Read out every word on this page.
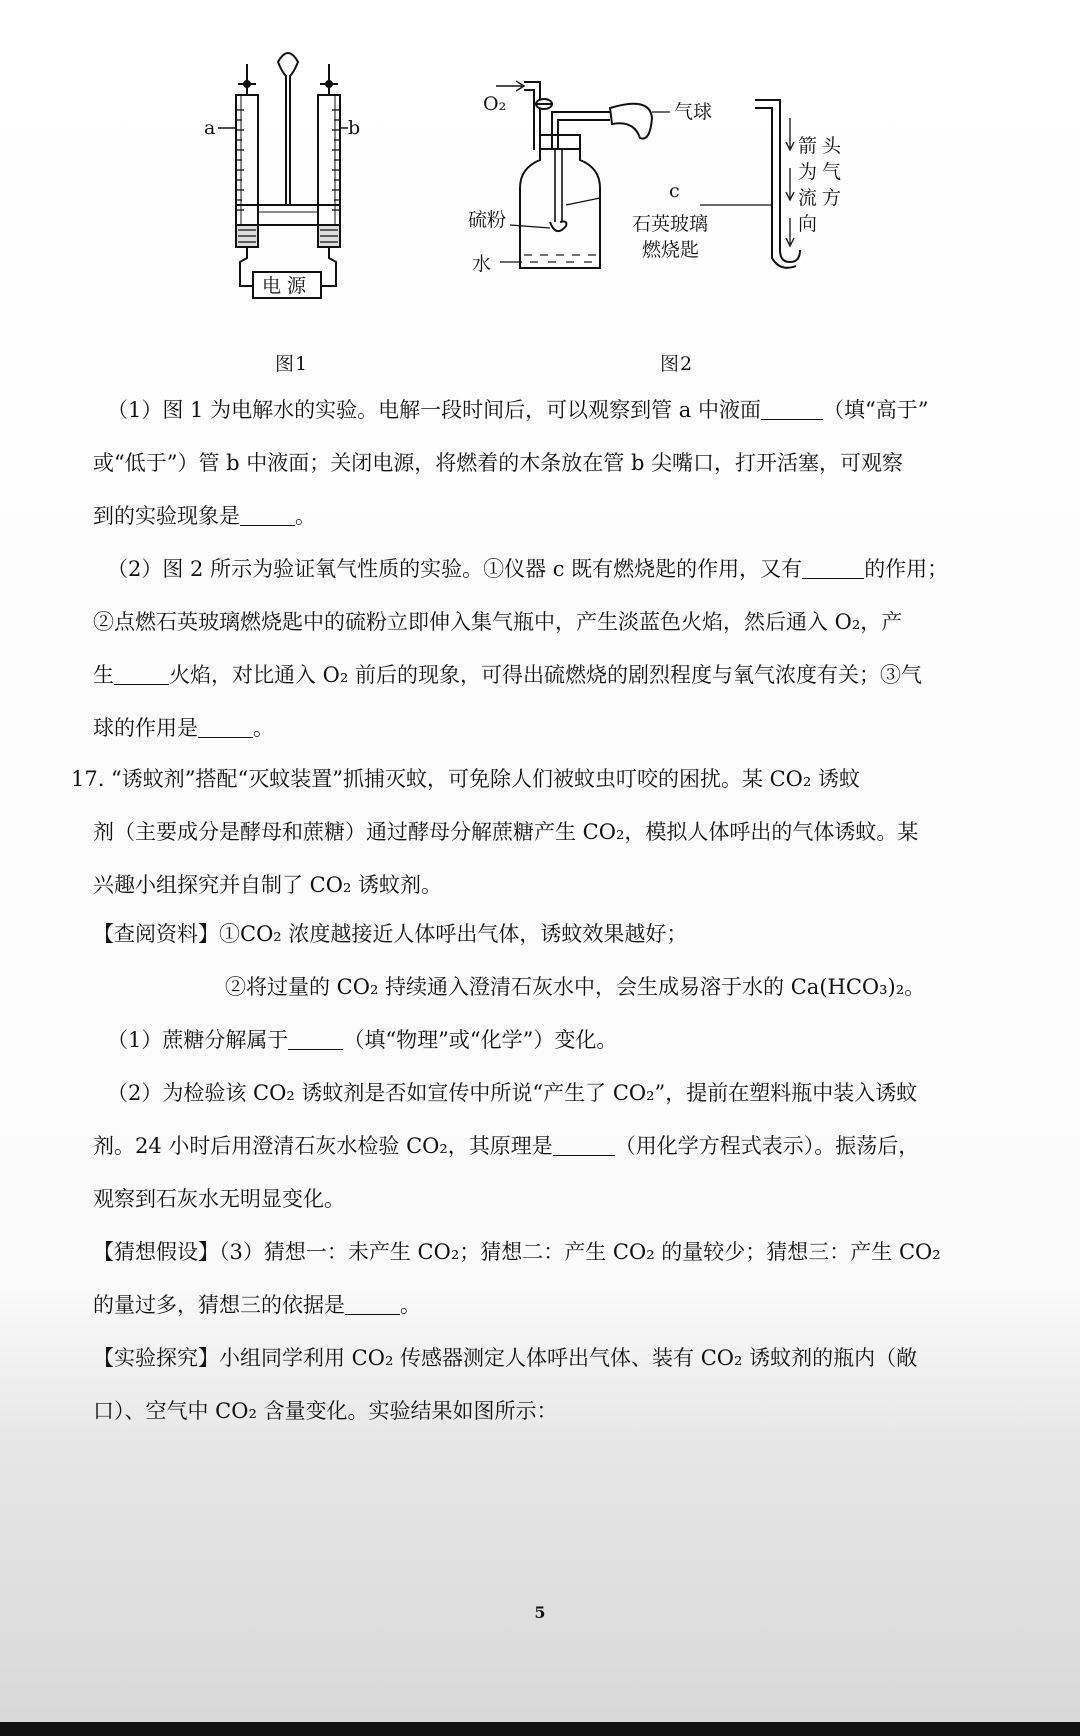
a	b
电 源
O₂	气球
c
硫粉
水
石英玻璃
燃烧匙
箭 头
为 气
流 方
向
图1	图2
（1）图 1 为电解水的实验。电解一段时间后，可以观察到管 a 中液面	（填“高于”
或“低于”）管 b 中液面；关闭电源，将燃着的木条放在管 b 尖嘴口，打开活塞，可观察
到的实验现象是	。
（2）图 2 所示为验证氧气性质的实验。①仪器 c 既有燃烧匙的作用，又有	的作用；
②点燃石英玻璃燃烧匙中的硫粉立即伸入集气瓶中，产生淡蓝色火焰，然后通入 O₂，产
生	火焰，对比通入 O₂ 前后的现象，可得出硫燃烧的剧烈程度与氧气浓度有关；③气
球的作用是	。
17. “诱蚊剂”搭配“灭蚊装置”抓捕灭蚊，可免除人们被蚊虫叮咬的困扰。某 CO₂ 诱蚊
剂（主要成分是酵母和蔗糖）通过酵母分解蔗糖产生 CO₂，模拟人体呼出的气体诱蚊。某
兴趣小组探究并自制了 CO₂ 诱蚊剂。
【查阅资料】①CO₂ 浓度越接近人体呼出气体，诱蚊效果越好；
②将过量的 CO₂ 持续通入澄清石灰水中，会生成易溶于水的 Ca(HCO₃)₂。
（1）蔗糖分解属于	（填“物理”或“化学”）变化。
（2）为检验该 CO₂ 诱蚊剂是否如宣传中所说“产生了 CO₂”，提前在塑料瓶中装入诱蚊
剂。24 小时后用澄清石灰水检验 CO₂，其原理是	（用化学方程式表示）。振荡后，
观察到石灰水无明显变化。
【猜想假设】（3）猜想一：未产生 CO₂；猜想二：产生 CO₂ 的量较少；猜想三：产生 CO₂
的量过多，猜想三的依据是	。
【实验探究】小组同学利用 CO₂ 传感器测定人体呼出气体、装有 CO₂ 诱蚊剂的瓶内（敞
口）、空气中 CO₂ 含量变化。实验结果如图所示：
5
